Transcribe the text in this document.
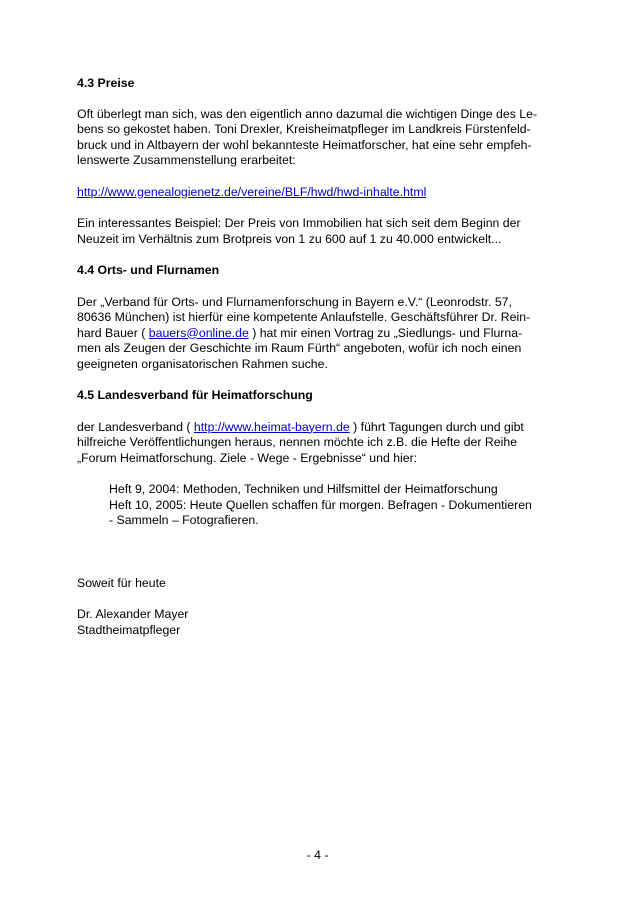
4.3 Preise

Oft überlegt man sich, was den eigentlich anno dazumal die wichtigen Dinge des Le-
bens so gekostet haben. Toni Drexler, Kreisheimatpfleger im Landkreis Fürstenfeld-
bruck und in Altbayern der wohl bekannteste Heimatforscher, hat eine sehr empfeh-
lenswerte Zusammenstellung erarbeitet:

http://www.genealogienetz.de/vereine/BLF/hwd/hwd-inhalte.html

Ein interessantes Beispiel: Der Preis von Immobilien hat sich seit dem Beginn der
Neuzeit im Verhältnis zum Brotpreis von 1 zu 600 auf 1 zu 40.000 entwickelt...

4.4 Orts- und Flurnamen

Der „Verband für Orts- und Flurnamenforschung in Bayern e.V.“ (Leonrodstr. 57,
80636 München) ist hierfür eine kompetente Anlaufstelle. Geschäftsführer Dr. Rein-
hard Bauer ( bauers@online.de ) hat mir einen Vortrag zu „Siedlungs- und Flurna-
men als Zeugen der Geschichte im Raum Fürth“ angeboten, wofür ich noch einen
geeigneten organisatorischen Rahmen suche.

4.5 Landesverband für Heimatforschung

der Landesverband ( http://www.heimat-bayern.de ) führt Tagungen durch und gibt
hilfreiche Veröffentlichungen heraus, nennen möchte ich z.B. die Hefte der Reihe
„Forum Heimatforschung. Ziele - Wege - Ergebnisse“ und hier:

Heft 9, 2004: Methoden, Techniken und Hilfsmittel der Heimatforschung
Heft 10, 2005: Heute Quellen schaffen für morgen. Befragen - Dokumentieren
- Sammeln – Fotografieren.

Soweit für heute

Dr. Alexander Mayer
Stadtheimatpfleger

- 4 -
